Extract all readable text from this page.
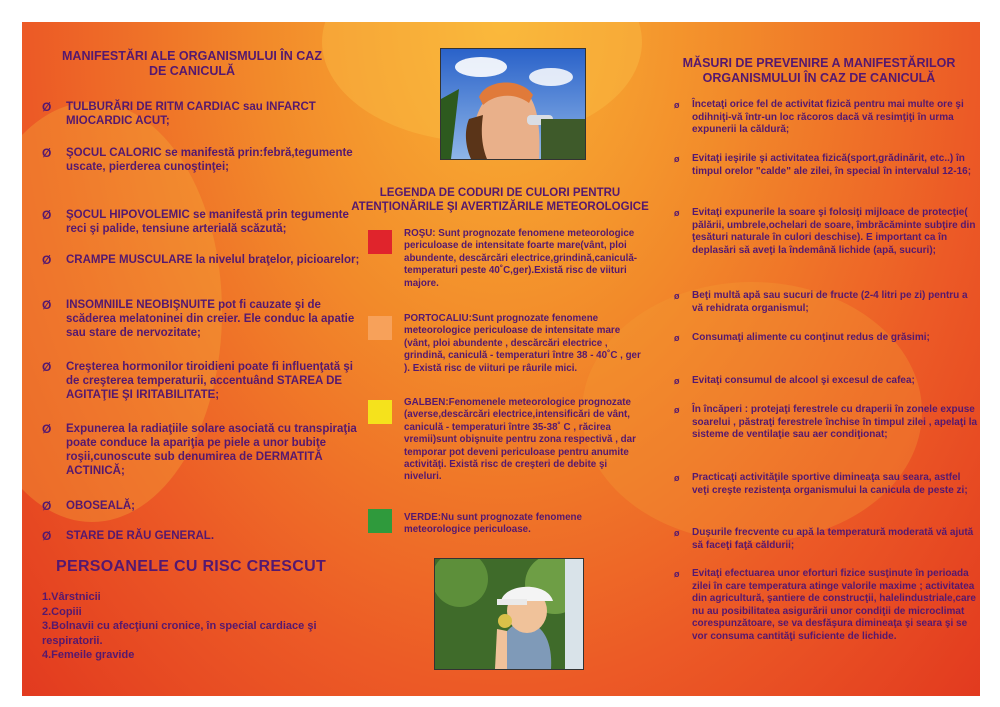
MANIFESTĂRI ALE ORGANISMULUI ÎN CAZ DE CANICULĂ
Ø TULBURĂRI DE RITM CARDIAC sau INFARCT MIOCARDIC ACUT;
Ø ŞOCUL CALORIC se manifestă prin:febră,tegumente uscate, pierderea cunoştinţei;
Ø ŞOCUL HIPOVOLEMIC se manifestă prin tegumente reci şi palide, tensiune arterială scăzută;
Ø CRAMPE MUSCULARE la nivelul braţelor, picioarelor;
Ø INSOMNIILE NEOBIŞNUITE pot fi cauzate şi de scăderea melatoninei din creier. Ele conduc la apatie sau stare de nervozitate;
Ø Creşterea hormonilor tiroidieni poate fi influenţată şi de creşterea temperaturii, accentuând STAREA DE AGITAŢIE ŞI IRITABILITATE;
Ø Expunerea la radiaţiile solare asociată cu transpiraţia poate conduce la apariţia pe piele a unor bubiţe roşii,cunoscute sub denumirea de DERMATITĂ ACTINICĂ;
Ø OBOSEALĂ;
Ø STARE DE RĂU GENERAL.
PERSOANELE CU RISC CRESCUT
1.Vârstnicii
2.Copiii
3.Bolnavii cu afecţiuni cronice, în special cardiace şi respiratorii.
4.Femeile gravide
LEGENDA DE CODURI DE CULORI PENTRU ATENŢIONĂRILE ŞI AVERTIZĂRILE METEOROLOGICE
ROŞU: Sunt prognozate fenomene meteorologice periculoase de intensitate foarte mare(vânt, ploi abundente, descărcări electrice,grindină,caniculă-temperaturi peste 40˚C,ger).Există risc de viituri majore.
PORTOCALIU:Sunt prognozate fenomene meteorologice periculoase de intensitate mare (vânt, ploi abundente , descărcări electrice , grindină, caniculă - temperaturi între 38 - 40˚C , ger ). Există risc de viituri pe râurile mici.
GALBEN:Fenomenele meteorologice prognozate (averse,descărcări electrice,intensificări de vânt, caniculă - temperaturi între 35-38˚ C , răcirea vremii)sunt obişnuite pentru zona respectivă , dar temporar pot deveni periculoase pentru anumite activităţi. Există risc de creşteri de debite şi niveluri.
VERDE:Nu sunt prognozate fenomene meteorologice periculoase.
MĂSURI DE PREVENIRE A MANIFESTĂRILOR ORGANISMULUI ÎN CAZ DE CANICULĂ
ø Încetaţi orice fel de activitat fizică pentru mai multe ore şi odihniţi-vă într-un loc răcoros dacă vă resimţiţi în urma expunerii la căldură;
ø Evitaţi ieşirile şi activitatea fizică(sport,grădinărit, etc..) în timpul orelor "calde" ale zilei, în special în intervalul 12-16;
ø Evitaţi expunerile la soare şi folosiţi mijloace de protecţie( pălării, umbrele,ochelari de soare, îmbrăcăminte subţire din ţesături naturale în culori deschise). E important ca în deplasări să aveţi la îndemână lichide (apă, sucuri);
ø Beţi multă apă sau sucuri de fructe (2-4 litri pe zi) pentru a vă rehidrata organismul;
ø Consumaţi alimente cu conţinut redus de grăsimi;
ø Evitaţi consumul de alcool şi excesul de cafea;
ø În încăperi : protejaţi ferestrele cu draperii în zonele expuse soarelui , păstraţi ferestrele închise în timpul zilei , apelaţi la sisteme de ventilaţie sau aer condiţionat;
ø Practicaţi activităţile sportive dimineaţa sau seara, astfel veţi creşte rezistenţa organismului la canicula de peste zi;
ø Duşurile frecvente cu apă la temperatură moderată vă ajută să faceţi faţă căldurii;
ø Evitaţi efectuarea unor eforturi fizice susţinute în perioada zilei în care temperatura atinge valorile maxime ; activitatea din agricultură, şantiere de construcţii, halelindustriale,care nu au posibilitatea asigurării unor condiţii de microclimat corespunzătoare, se va desfăşura dimineaţa şi seara şi se vor consuma cantităţi suficiente de lichide.
